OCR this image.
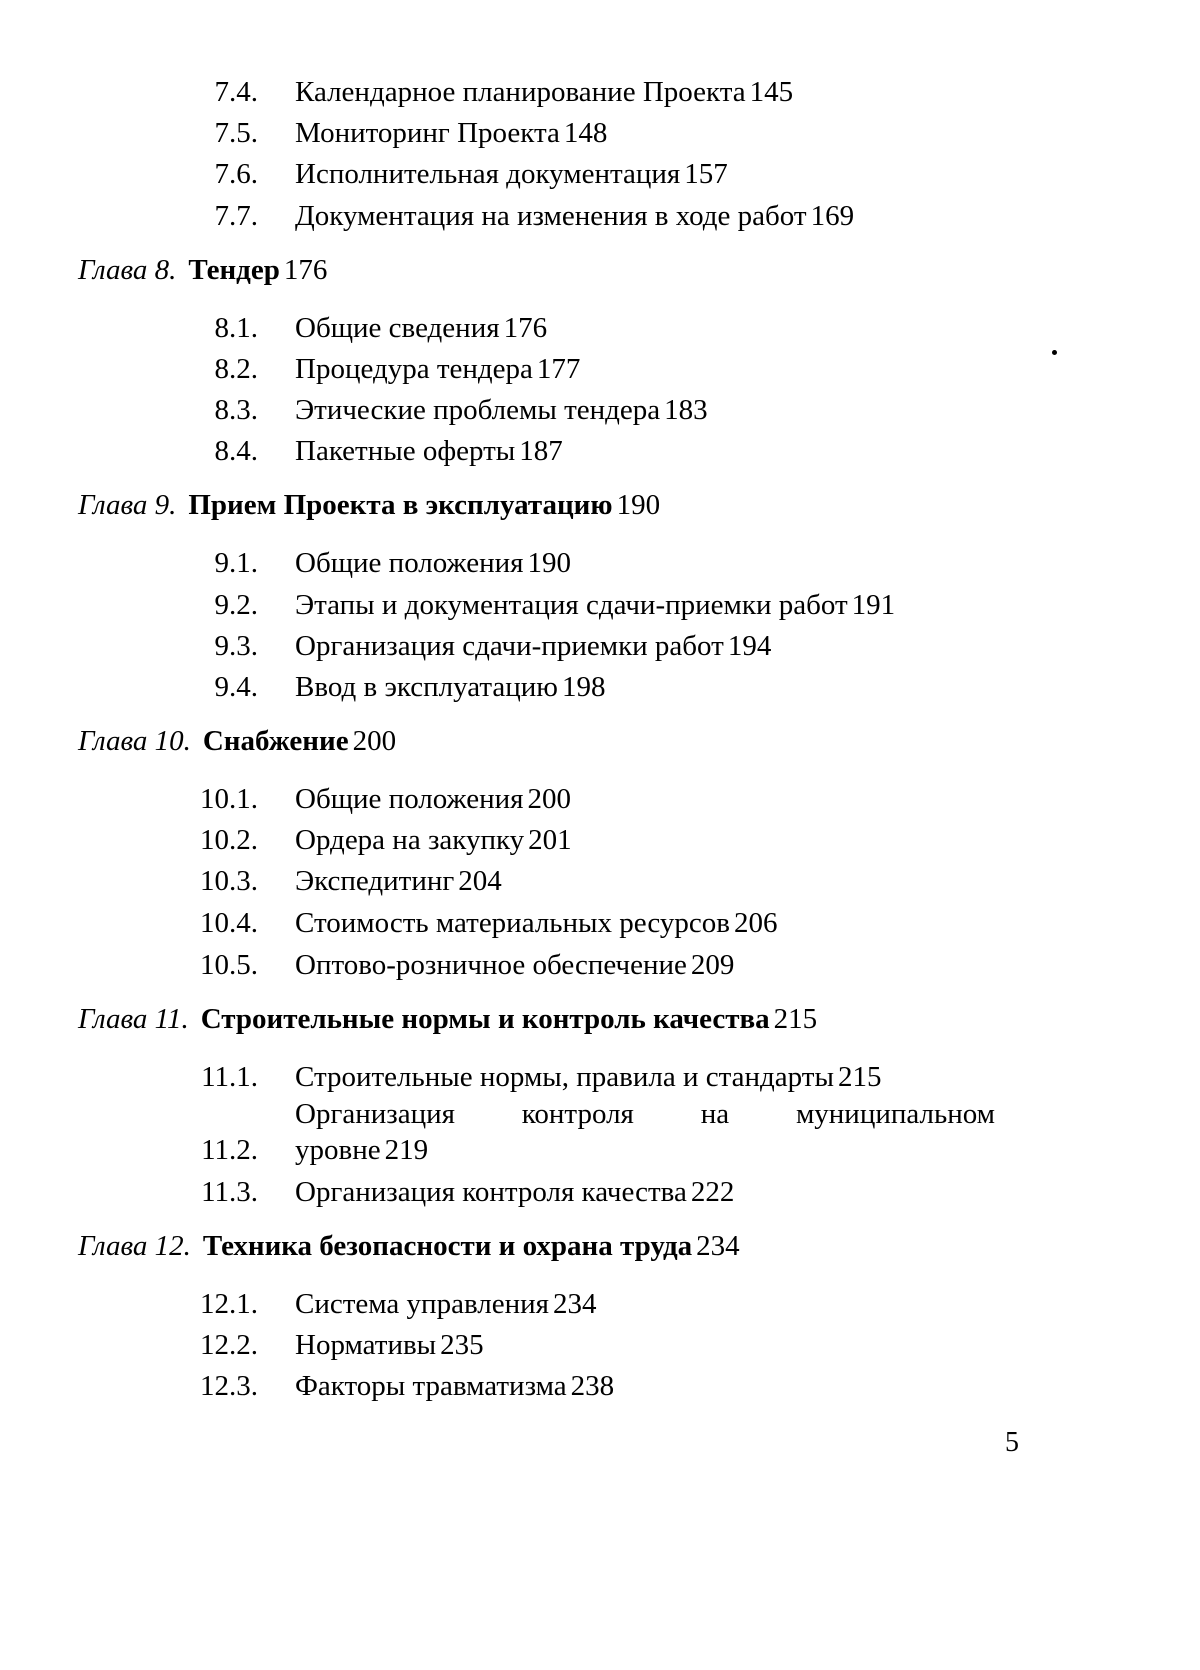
7.4. Календарное планирование Проекта 145
7.5. Мониторинг Проекта 148
7.6. Исполнительная документация 157
7.7. Документация на изменения в ходе работ 169
Глава 8. Тендер 176
8.1. Общие сведения 176
8.2. Процедура тендера 177
8.3. Этические проблемы тендера 183
8.4. Пакетные оферты 187
Глава 9. Прием Проекта в эксплуатацию 190
9.1. Общие положения 190
9.2. Этапы и документация сдачи-приемки работ 191
9.3. Организация сдачи-приемки работ 194
9.4. Ввод в эксплуатацию 198
Глава 10. Снабжение 200
10.1. Общие положения 200
10.2. Ордера на закупку 201
10.3. Экспедитинг 204
10.4. Стоимость материальных ресурсов 206
10.5. Оптово-розничное обеспечение 209
Глава 11. Строительные нормы и контроль качества 215
11.1. Строительные нормы, правила и стандарты 215
Организация контроля на муниципальном
11.2. уровне 219
11.3. Организация контроля качества 222
Глава 12. Техника безопасности и охрана труда 234
12.1. Система управления 234
12.2. Нормативы 235
12.3. Факторы травматизма 238
5
